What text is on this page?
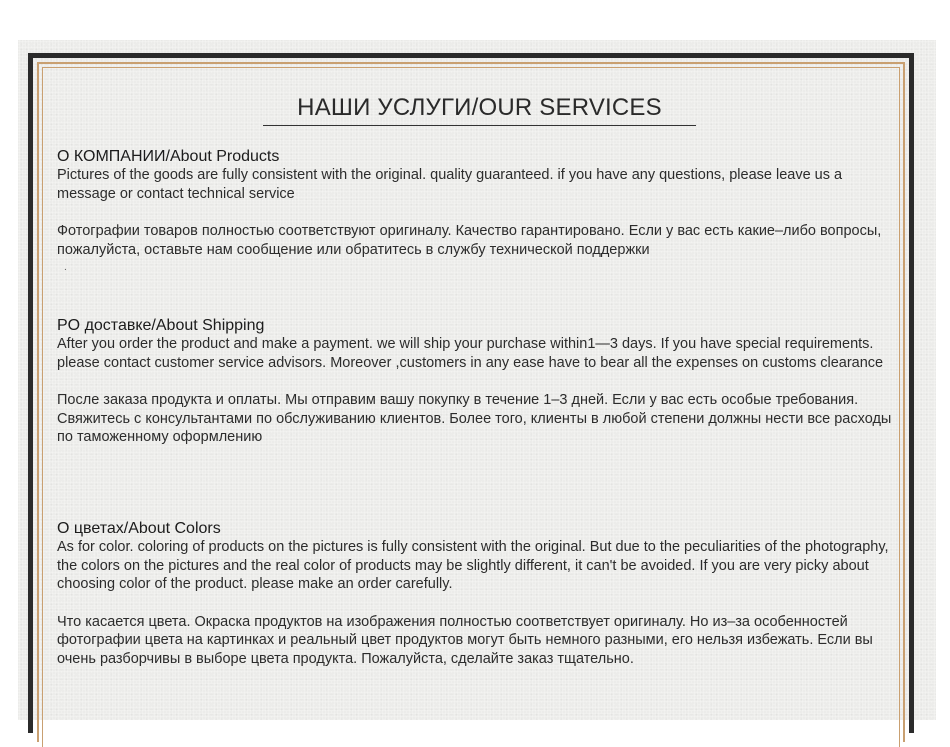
НАШИ УСЛУГИ/OUR SERVICES

О КОМПАНИИ/About Products

Pictures of the goods are fully consistent with the original. quality guaranteed. if you have any questions, please leave us a message or contact technical service

Фотографии товаров полностью соответствуют оригиналу. Качество гарантировано. Если у вас есть какие–либо вопросы, пожалуйста, оставьте нам сообщение или обратитесь в службу технической поддержки

.

PO доставке/About Shipping

After you order the product and make a payment. we will ship your purchase within1—3 days. If you have special requirements. please contact customer service advisors. Moreover ,customers in any ease have to bear all the expenses on customs clearance

После заказа продукта и оплаты. Мы отправим вашу покупку в течение 1–3 дней. Если у вас есть особые требования. Свяжитесь с консультантами по обслуживанию клиентов. Более того, клиенты в любой степени должны нести все расходы по таможенному оформлению

О цветах/About Colors

As for color. coloring of products on the pictures is fully consistent with the original. But due to the peculiarities of the photography, the colors on the pictures and the real color of products may be slightly different, it can't be avoided. If you are very picky about choosing color of the product. please make an order carefully.

Что касается цвета. Окраска продуктов на изображения полностью соответствует оригиналу. Но из–за особенностей фотографии цвета на картинках и реальный цвет продуктов могут быть немного разными, его нельзя избежать. Если вы очень разборчивы в выборе цвета продукта. Пожалуйста, сделайте заказ тщательно.
